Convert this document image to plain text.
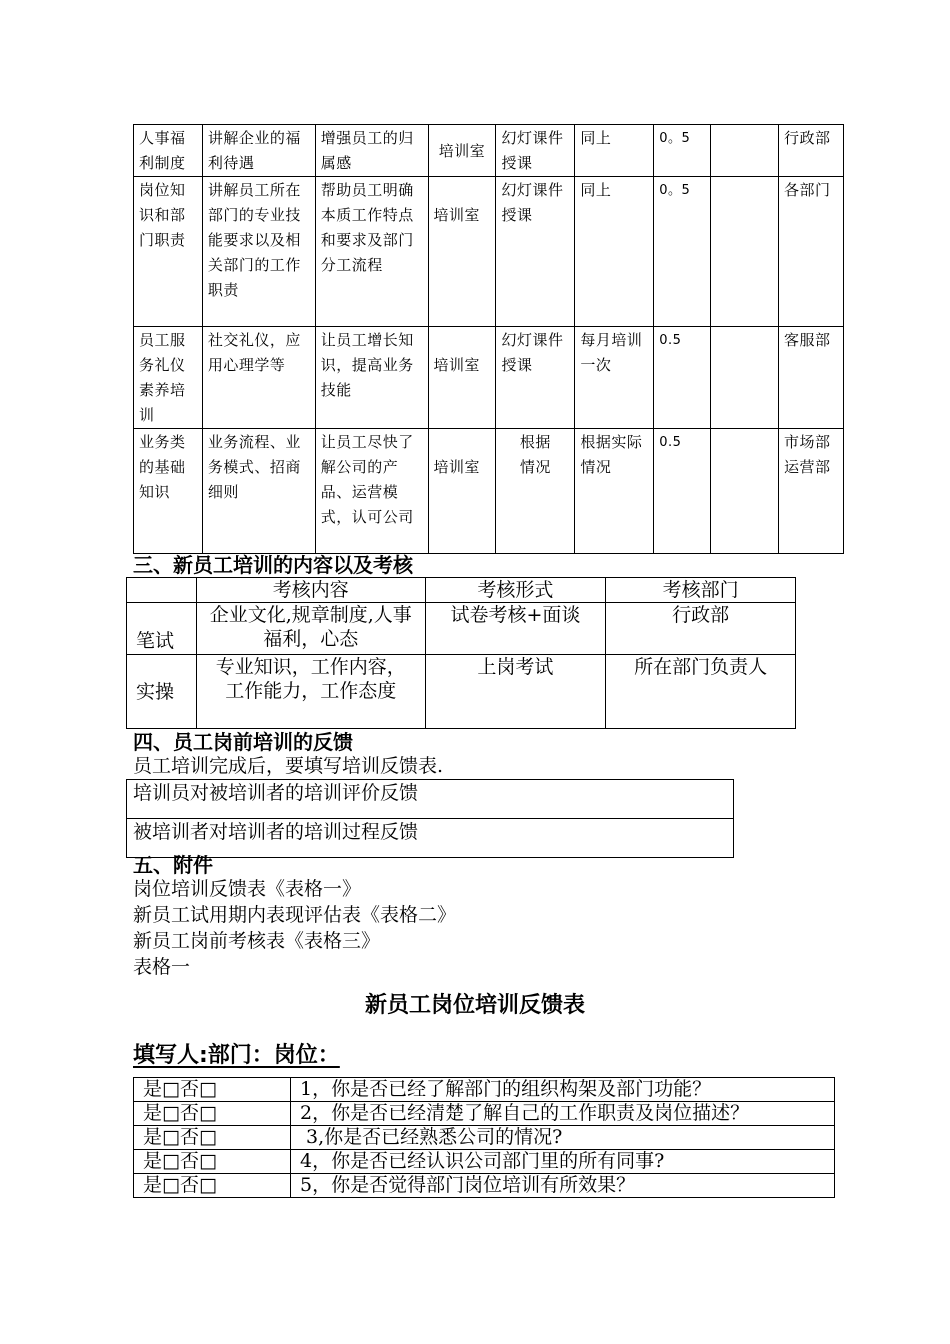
人事福利制度	讲解企业的福利待遇	增强员工的归属感	培训室	幻灯课件授课	同上	0。5		行政部
岗位知识和部门职责	讲解员工所在部门的专业技能要求以及相关部门的工作职责	帮助员工明确本质工作特点和要求及部门分工流程	培训室	幻灯课件授课	同上	0。5		各部门
员工服务礼仪素养培训	社交礼仪，应用心理学等	让员工增长知识，提高业务技能	培训室	幻灯课件授课	每月培训一次	0.5		客服部
业务类的基础知识	业务流程、业务模式、招商细则	让员工尽快了解公司的产品、运营模式，认可公司	培训室	根据情况	根据实际情况	0.5		市场部运营部
三、新员工培训的内容以及考核
	考核内容	考核形式	考核部门
笔试	企业文化,规章制度,人事福利，心态	试卷考核+面谈	行政部
实操	专业知识，工作内容，工作能力，工作态度	上岗考试	所在部门负责人
四、员工岗前培训的反馈
员工培训完成后，要填写培训反馈表.
培训员对被培训者的培训评价反馈
被培训者对培训者的培训过程反馈
五、附件
岗位培训反馈表《表格一》
新员工试用期内表现评估表《表格二》
新员工岗前考核表《表格三》
表格一
新员工岗位培训反馈表
填写人:部门：岗位：
是□否□	1，你是否已经了解部门的组织构架及部门功能？
是□否□	2，你是否已经清楚了解自己的工作职责及岗位描述？
是□否□	3,你是否已经熟悉公司的情况?
是□否□	4，你是否已经认识公司部门里的所有同事?
是□否□	5，你是否觉得部门岗位培训有所效果？
